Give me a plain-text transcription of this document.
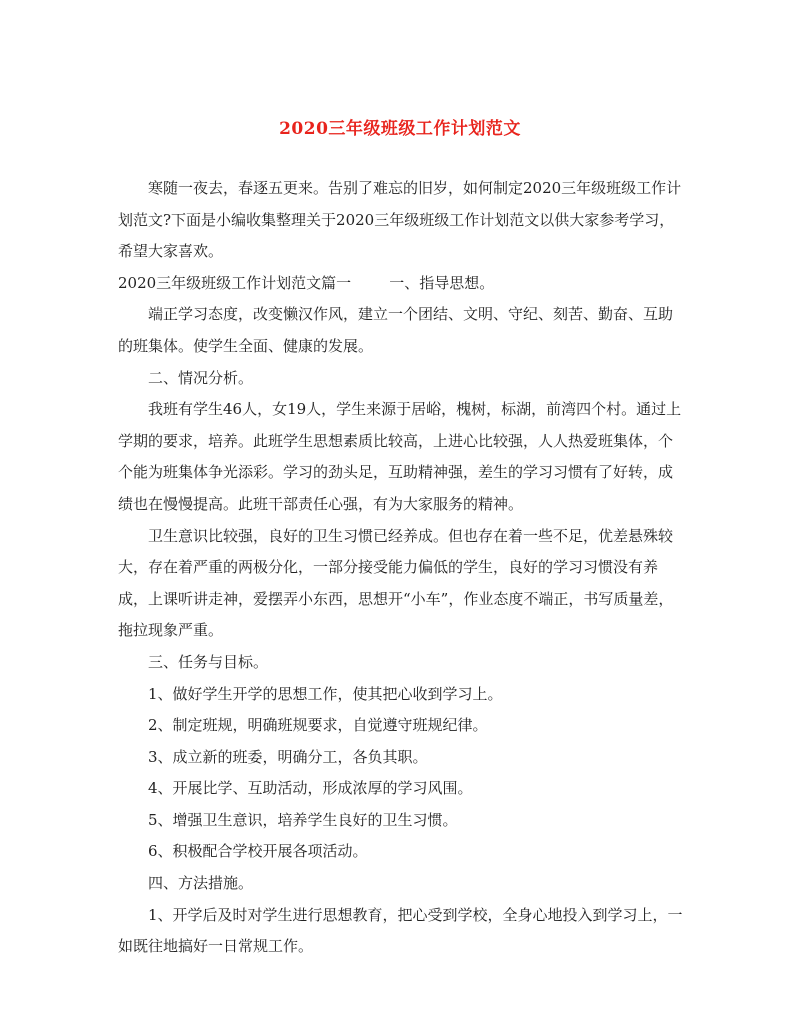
2020三年级班级工作计划范文

寒随一夜去，春逐五更来。告别了难忘的旧岁，如何制定2020三年级班级工作计划范文?下面是小编收集整理关于2020三年级班级工作计划范文以供大家参考学习，希望大家喜欢。

2020三年级班级工作计划范文篇一	一、指导思想。

端正学习态度，改变懒汉作风，建立一个团结、文明、守纪、刻苦、勤奋、互助的班集体。使学生全面、健康的发展。

二、情况分析。

我班有学生46人，女19人，学生来源于居峪，槐树，标湖，前湾四个村。通过上学期的要求，培养。此班学生思想素质比较高，上进心比较强，人人热爱班集体，个个能为班集体争光添彩。学习的劲头足，互助精神强，差生的学习习惯有了好转，成绩也在慢慢提高。此班干部责任心强，有为大家服务的精神。

卫生意识比较强，良好的卫生习惯已经养成。但也存在着一些不足，优差悬殊较大，存在着严重的两极分化，一部分接受能力偏低的学生，良好的学习习惯没有养成，上课听讲走神，爱摆弄小东西，思想开“小车”，作业态度不端正，书写质量差，拖拉现象严重。

三、任务与目标。

1、做好学生开学的思想工作，使其把心收到学习上。

2、制定班规，明确班规要求，自觉遵守班规纪律。

3、成立新的班委，明确分工，各负其职。

4、开展比学、互助活动，形成浓厚的学习风围。

5、增强卫生意识，培养学生良好的卫生习惯。

6、积极配合学校开展各项活动。

四、方法措施。

1、开学后及时对学生进行思想教育，把心受到学校，全身心地投入到学习上，一如既往地搞好一日常规工作。
